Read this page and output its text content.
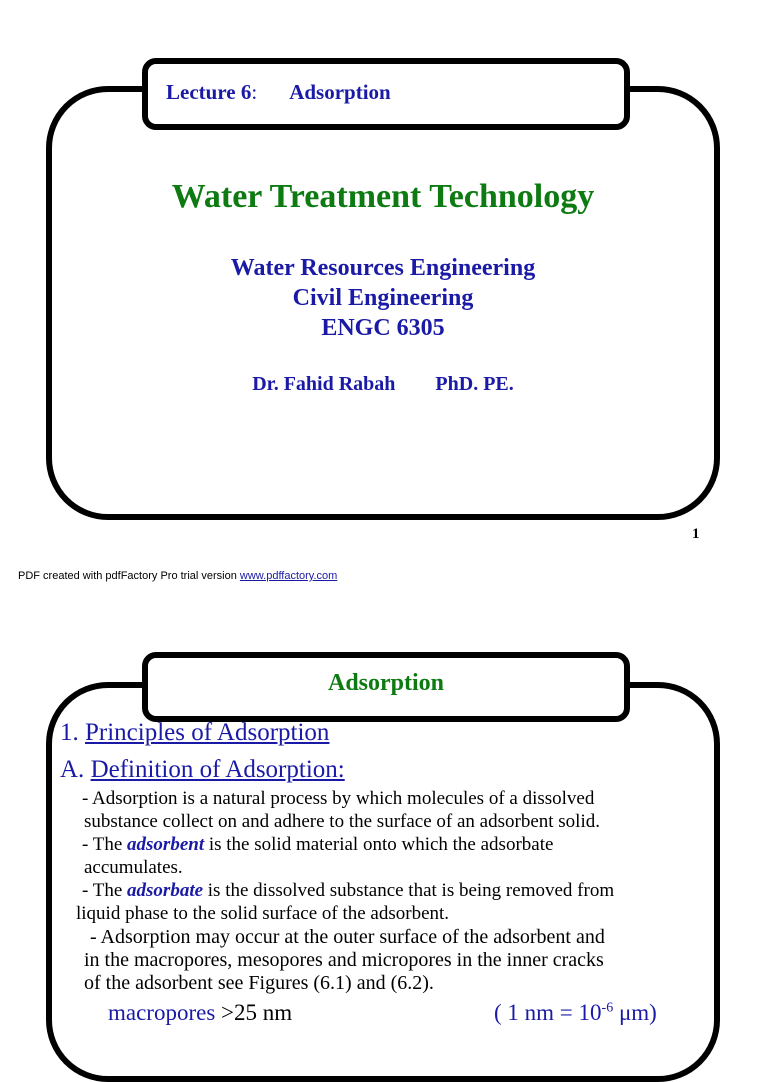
Lecture 6: Adsorption
Water Treatment Technology
Water Resources Engineering
Civil Engineering
ENGC 6305
Dr. Fahid Rabah PhD. PE.
1
PDF created with pdfFactory Pro trial version www.pdffactory.com
Adsorption
1. Principles of Adsorption
A. Definition of Adsorption:
- Adsorption is a natural process by which molecules of a dissolved
substance collect on and adhere to the surface of an adsorbent solid.
- The adsorbent is the solid material onto which the adsorbate
accumulates.
- The adsorbate is the dissolved substance that is being removed from
liquid phase to the solid surface of the adsorbent.
- Adsorption may occur at the outer surface of the adsorbent and
in the macropores, mesopores and micropores in the inner cracks
of the adsorbent see Figures (6.1) and (6.2).
macropores >25 nm	( 1 nm = $10^{-6}$ μm)
